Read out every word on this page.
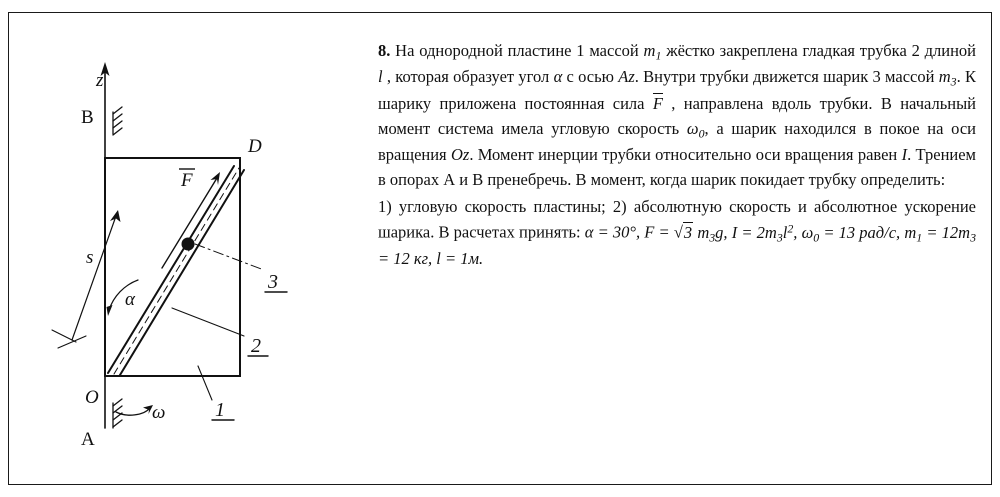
z
B
D
F
s
α
3
2
1
O
ω
A

8. На однородной пластине 1 массой $m_1$ жёстко закреплена гладкая трубка 2 длиной l , которая образует угол α с осью Az. Внутри трубки движется шарик 3 массой $m_3$. К шарику приложена постоянная сила F , направлена вдоль трубки. В начальный момент система имела угловую скорость $\omega_0$, а шарик находился в покое на оси вращения Oz. Момент инерции трубки относительно оси вращения равен I. Трением в опорах А и В пренебречь. В момент, когда шарик покидает трубку определить:

1) угловую скорость пластины; 2) абсолютную скорость и абсолютное ускорение шарика. В расчетах принять: α = 30°, F = √3 $m_3g$, $I = 2m_3l^2$, $\omega_0 = 13$ рад/с, $m_1 = 12m_3 = 12$ кг, l = 1м.
